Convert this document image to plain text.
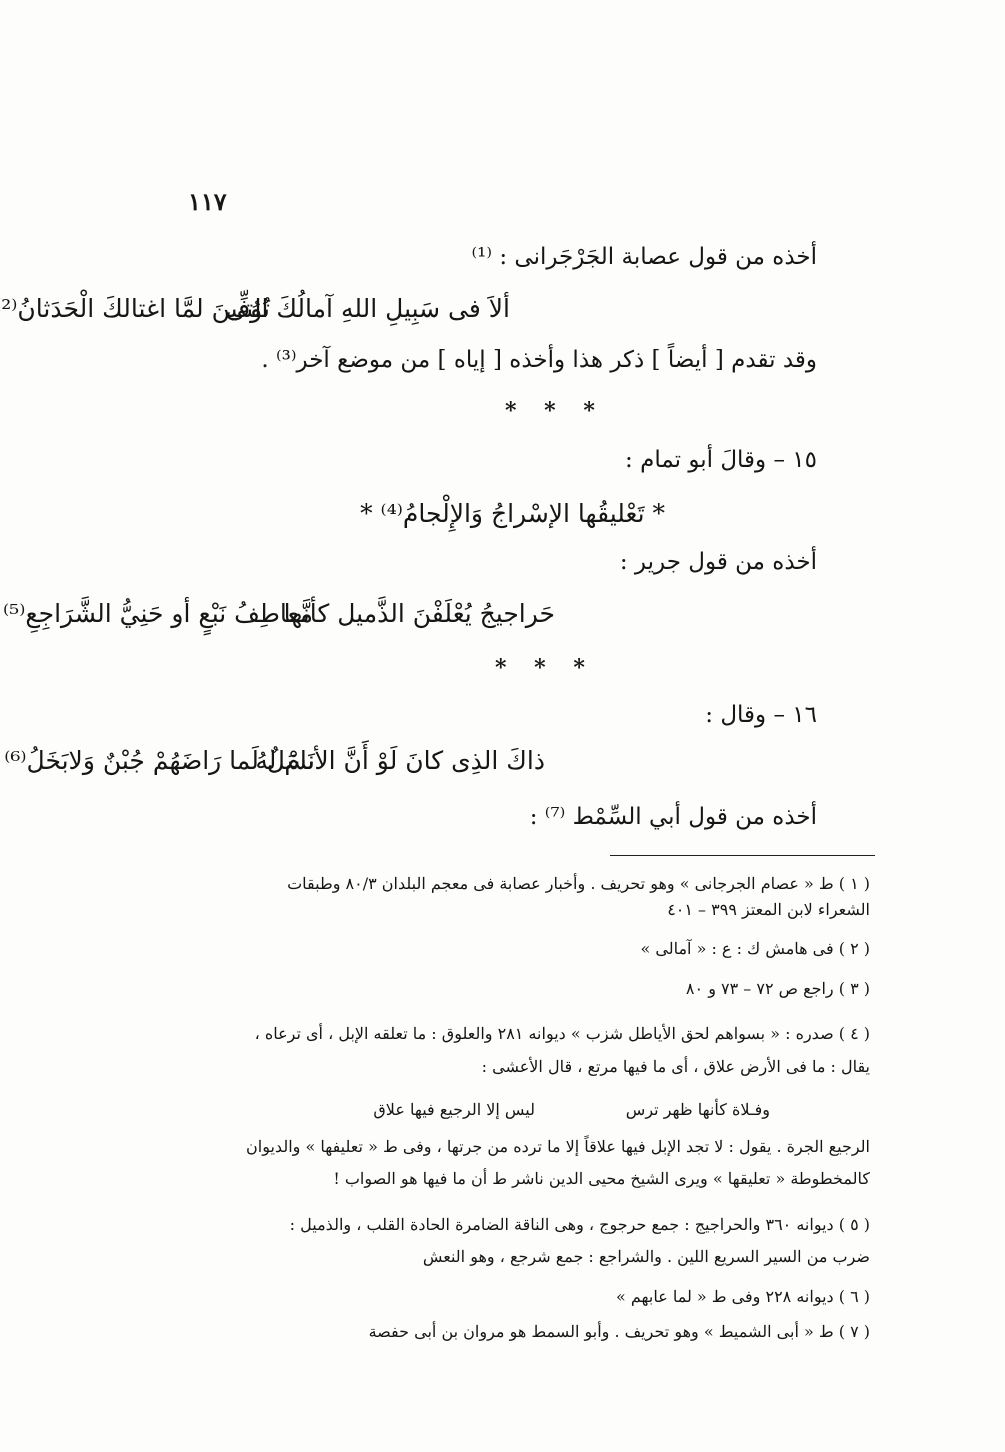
١١٧
أخذه من قول عصابة الجَرْجَرانى : ⁽¹⁾
ألاَ فى سَبِيلِ اللهِ آمالُكَ التى
تُوُفِّينَ لمَّا اغتالكَ الْحَدَثانُ⁽²
وقد تقدم [ أيضاً ] ذكر هذا وأخذه [ إياه ] من موضع آخر⁽³⁾ .
* * *
١٥ – وقالَ أبو تمام :
* تَعْليقُها الإسْراجُ وَالإِلْجامُ⁽⁴⁾ *
أخذه من قول جرير :
حَراجيجُ يُعْلَفْنَ الذَّميل كأنَّها
معاطِفُ نَبْعٍ أو حَنِيُّ الشَّرَاجِعِ⁽⁵⁾
* * *
١٦ – وقال :
ذاكَ الذِى كانَ لَوْ أَنَّ الأنامَ لهُ
نَسْلٌ لَما رَاضَهُمْ جُبْنٌ وَلابَخَلُ⁽⁶⁾
أخذه من قول أبي السِّمْط ⁽⁷⁾ :
( ١ ) ط « عصام الجرجانى » وهو تحريف . وأخبار عصابة فى معجم البلدان ٨٠/٣ وطبقات
الشعراء لابن المعتز ٣٩٩ – ٤٠١
( ٢ ) فى هامش ك : ع : « آمالى »
( ٣ ) راجع ص ٧٢ – ٧٣ و ٨٠
( ٤ ) صدره : « بسواهم لحق الأياطل شزب » ديوانه ٢٨١ والعلوق : ما تعلقه الإبل ، أى ترعاه ،
يقال : ما فى الأرض علاق ، أى ما فيها مرتع ، قال الأعشى :
وفـلاة كأنها ظهر ترس
ليس إلا الرجيع فيها علاق
الرجيع الجرة . يقول : لا تجد الإبل فيها علاقاً إلا ما ترده من جرتها ، وفى ط « تعليفها » والديوان
كالمخطوطة « تعليقها » ويرى الشيخ محيى الدين ناشر ط أن ما فيها هو الصواب !
( ٥ ) ديوانه ٣٦٠ والحراجيج : جمع حرجوج ، وهى الناقة الضامرة الحادة القلب ، والذميل :
ضرب من السير السريع اللين . والشراجع : جمع شرجع ، وهو النعش
( ٦ ) ديوانه ٢٢٨ وفى ط « لما عابهم »
( ٧ ) ط « أبى الشميط » وهو تحريف . وأبو السمط هو مروان بن أبى حفصة
